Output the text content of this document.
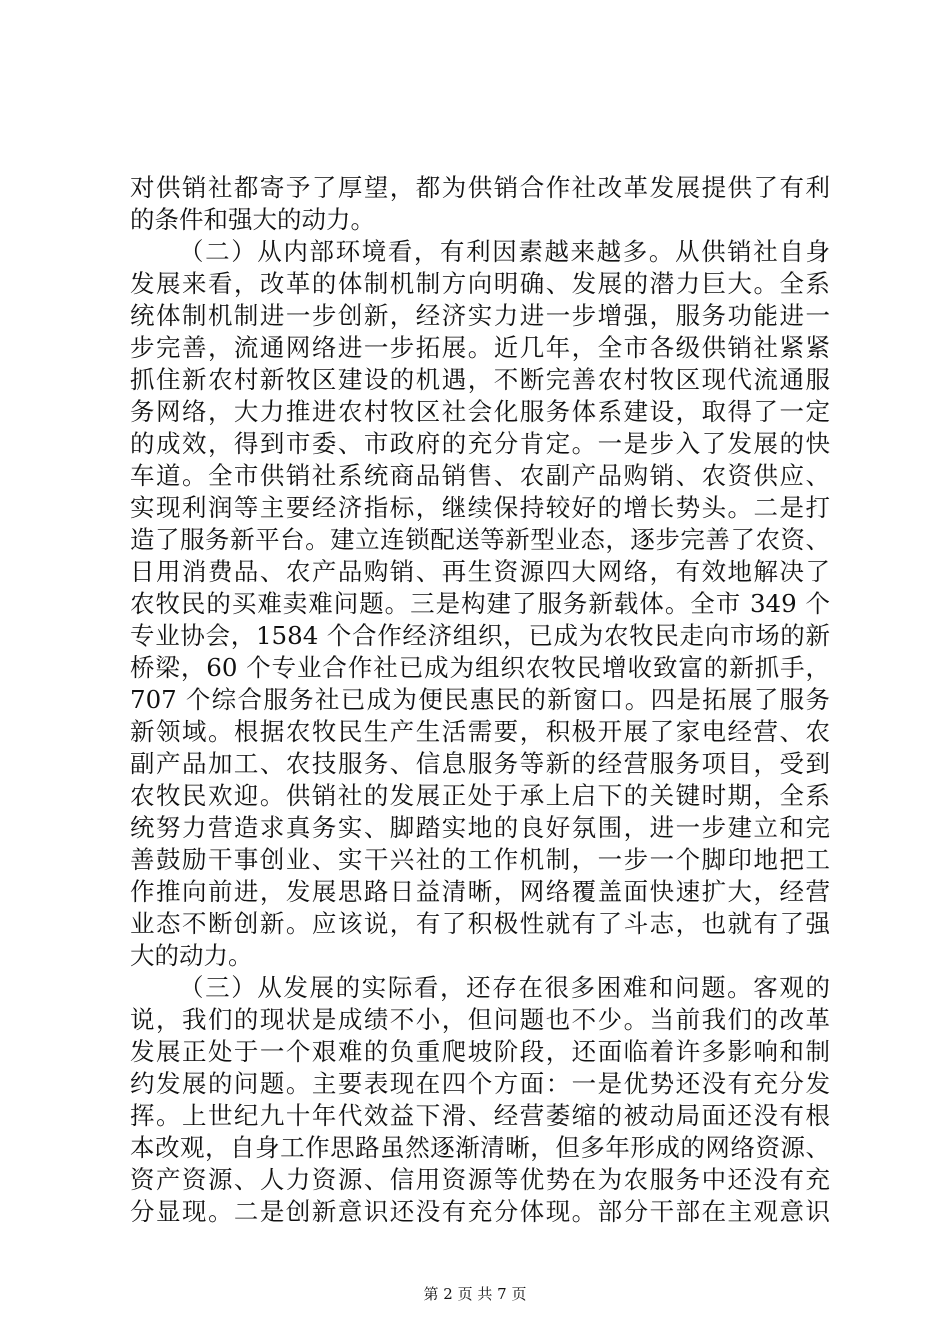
对供销社都寄予了厚望，都为供销合作社改革发展提供了有利
的条件和强大的动力。
（二）从内部环境看，有利因素越来越多。从供销社自身
发展来看，改革的体制机制方向明确、发展的潜力巨大。全系
统体制机制进一步创新，经济实力进一步增强，服务功能进一
步完善，流通网络进一步拓展。近几年，全市各级供销社紧紧
抓住新农村新牧区建设的机遇，不断完善农村牧区现代流通服
务网络，大力推进农村牧区社会化服务体系建设，取得了一定
的成效，得到市委、市政府的充分肯定。一是步入了发展的快
车道。全市供销社系统商品销售、农副产品购销、农资供应、
实现利润等主要经济指标，继续保持较好的增长势头。二是打
造了服务新平台。建立连锁配送等新型业态，逐步完善了农资、
日用消费品、农产品购销、再生资源四大网络，有效地解决了
农牧民的买难卖难问题。三是构建了服务新载体。全市 349 个
专业协会，1584 个合作经济组织，已成为农牧民走向市场的新
桥梁，60 个专业合作社已成为组织农牧民增收致富的新抓手，
707 个综合服务社已成为便民惠民的新窗口。四是拓展了服务
新领域。根据农牧民生产生活需要，积极开展了家电经营、农
副产品加工、农技服务、信息服务等新的经营服务项目，受到
农牧民欢迎。供销社的发展正处于承上启下的关键时期，全系
统努力营造求真务实、脚踏实地的良好氛围，进一步建立和完
善鼓励干事创业、实干兴社的工作机制，一步一个脚印地把工
作推向前进，发展思路日益清晰，网络覆盖面快速扩大，经营
业态不断创新。应该说，有了积极性就有了斗志，也就有了强
大的动力。
（三）从发展的实际看，还存在很多困难和问题。客观的
说，我们的现状是成绩不小，但问题也不少。当前我们的改革
发展正处于一个艰难的负重爬坡阶段，还面临着许多影响和制
约发展的问题。主要表现在四个方面：一是优势还没有充分发
挥。上世纪九十年代效益下滑、经营萎缩的被动局面还没有根
本改观，自身工作思路虽然逐渐清晰，但多年形成的网络资源、
资产资源、人力资源、信用资源等优势在为农服务中还没有充
分显现。二是创新意识还没有充分体现。部分干部在主观意识
第 2 页 共 7 页
